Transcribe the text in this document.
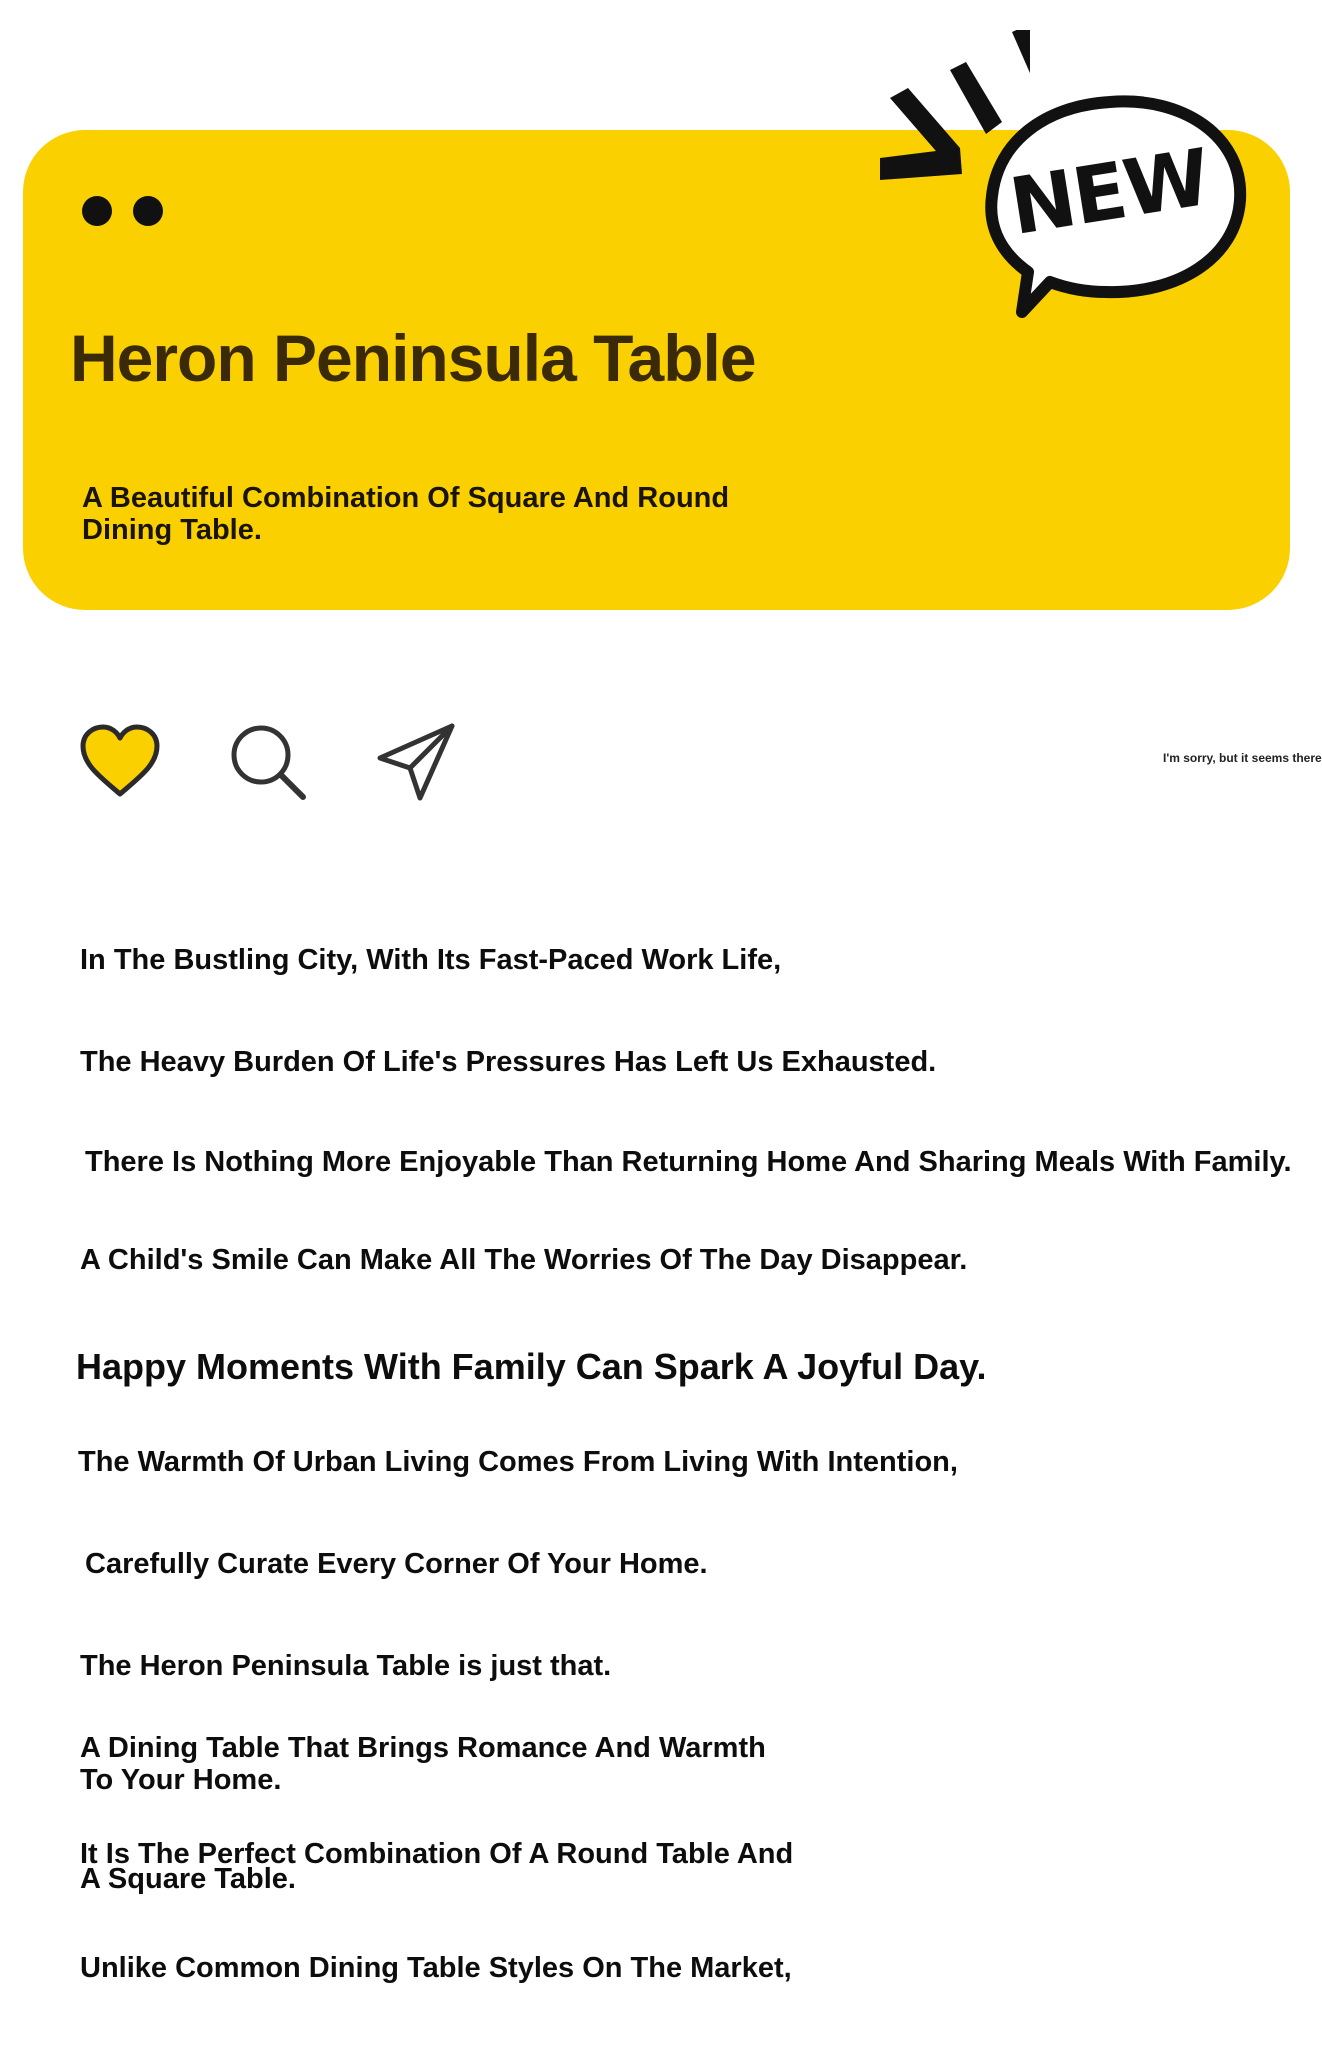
Heron Peninsula Table

A Beautiful Combination Of Square And Round Dining Table.

NEW
I'm sorry, but it seems there

In The Bustling City, With Its Fast-Paced Work Life,

The Heavy Burden Of Life's Pressures Has Left Us Exhausted.

There Is Nothing More Enjoyable Than Returning Home And Sharing Meals With Family.

A Child's Smile Can Make All The Worries Of The Day Disappear.

Happy Moments With Family Can Spark A Joyful Day.

The Warmth Of Urban Living Comes From Living With Intention,

Carefully Curate Every Corner Of Your Home.

The Heron Peninsula Table is just that.

A Dining Table That Brings Romance And Warmth To Your Home.

It Is The Perfect Combination Of A Round Table And A Square Table.

Unlike Common Dining Table Styles On The Market,
